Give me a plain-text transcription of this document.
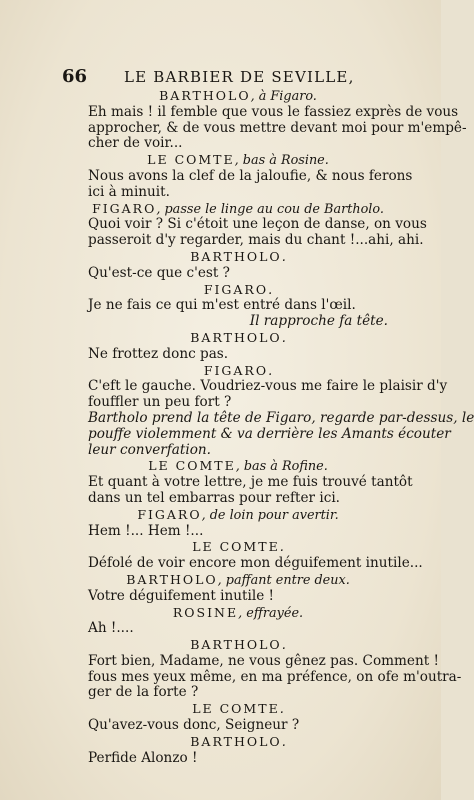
66 LE BARBIER DE SEVILLE,
BARTHOLO, à Figaro.
Eh mais ! il femble que vous le fassiez exprès de vous
approcher, & de vous mettre devant moi pour m'empê-
cher de voir...
LE COMTE, bas à Rosine.
Nous avons la clef de la jaloufie, & nous ferons
ici à minuit.
FIGARO, passe le linge au cou de Bartholo.
Quoi voir ? Si c'étoit une leçon de danse, on vous
passeroit d'y regarder, mais du chant !...ahi, ahi.
BARTHOLO.
Qu'est-ce que c'est ?
FIGARO.
Je ne fais ce qui m'est entré dans l'œil.
Il rapproche fa tête.
BARTHOLO.
Ne frottez donc pas.
FIGARO.
C'eft le gauche. Voudriez-vous me faire le plaisir d'y
fouffler un peu fort ?
Bartholo prend la tête de Figaro, regarde par-dessus, le
pouffe violemment & va derrière les Amants écouter
leur converfation.
LE COMTE, bas à Rofine.
Et quant à votre lettre, je me fuis trouvé tantôt
dans un tel embarras pour refter ici.
FIGARO, de loin pour avertir.
Hem !... Hem !...
LE COMTE.
Défolé de voir encore mon déguifement inutile...
BARTHOLO, paffant entre deux.
Votre déguifement inutile !
ROSINE, effrayée.
Ah !....
BARTHOLO.
Fort bien, Madame, ne vous gênez pas. Comment !
fous mes yeux même, en ma préfence, on ofe m'outra-
ger de la forte ?
LE COMTE.
Qu'avez-vous donc, Seigneur ?
BARTHOLO.
Perfide Alonzo !
